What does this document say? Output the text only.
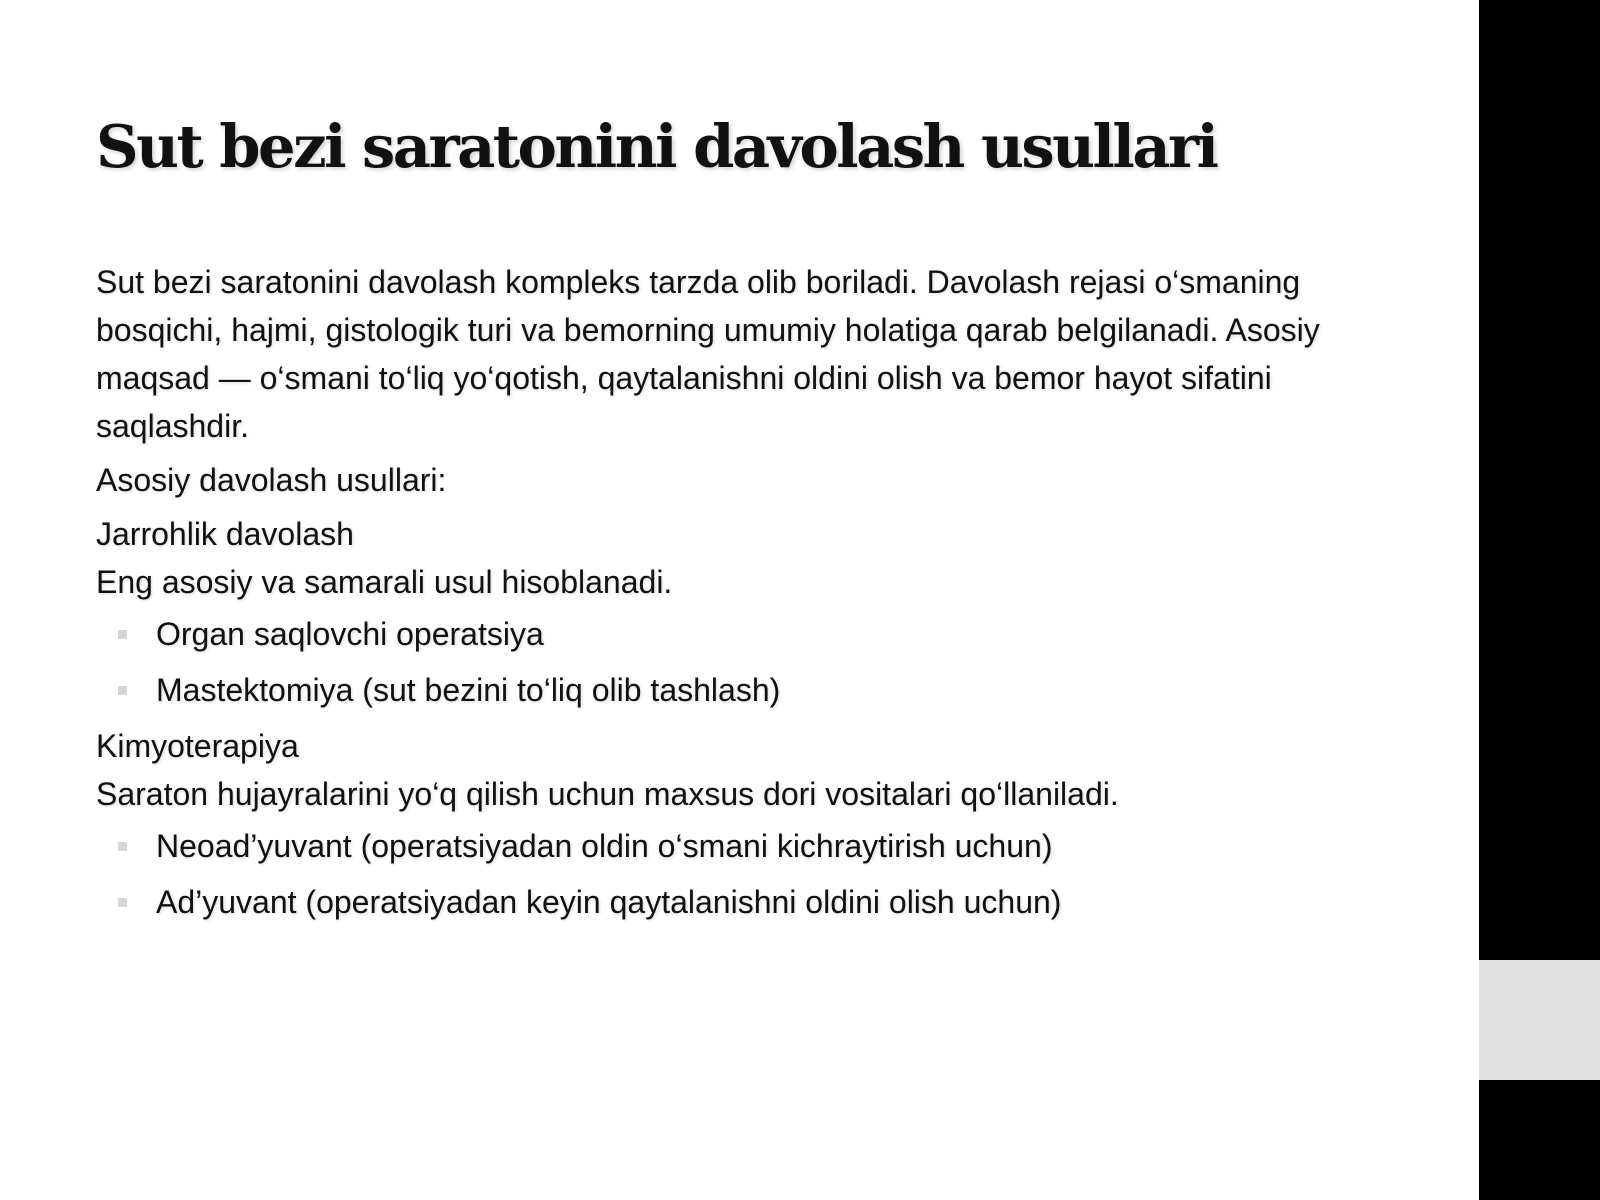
Sut bezi saratonini davolash usullari

Sut bezi saratonini davolash kompleks tarzda olib boriladi. Davolash rejasi o‘smaning bosqichi, hajmi, gistologik turi va bemorning umumiy holatiga qarab belgilanadi. Asosiy maqsad — o‘smani to‘liq yo‘qotish, qaytalanishni oldini olish va bemor hayot sifatini saqlashdir.

Asosiy davolash usullari:

Jarrohlik davolash

Eng asosiy va samarali usul hisoblanadi.

Organ saqlovchi operatsiya
Mastektomiya (sut bezini to‘liq olib tashlash)

Kimyoterapiya

Saraton hujayralarini yo‘q qilish uchun maxsus dori vositalari qo‘llaniladi.

Neoad’yuvant (operatsiyadan oldin o‘smani kichraytirish uchun)
Ad’yuvant (operatsiyadan keyin qaytalanishni oldini olish uchun)
